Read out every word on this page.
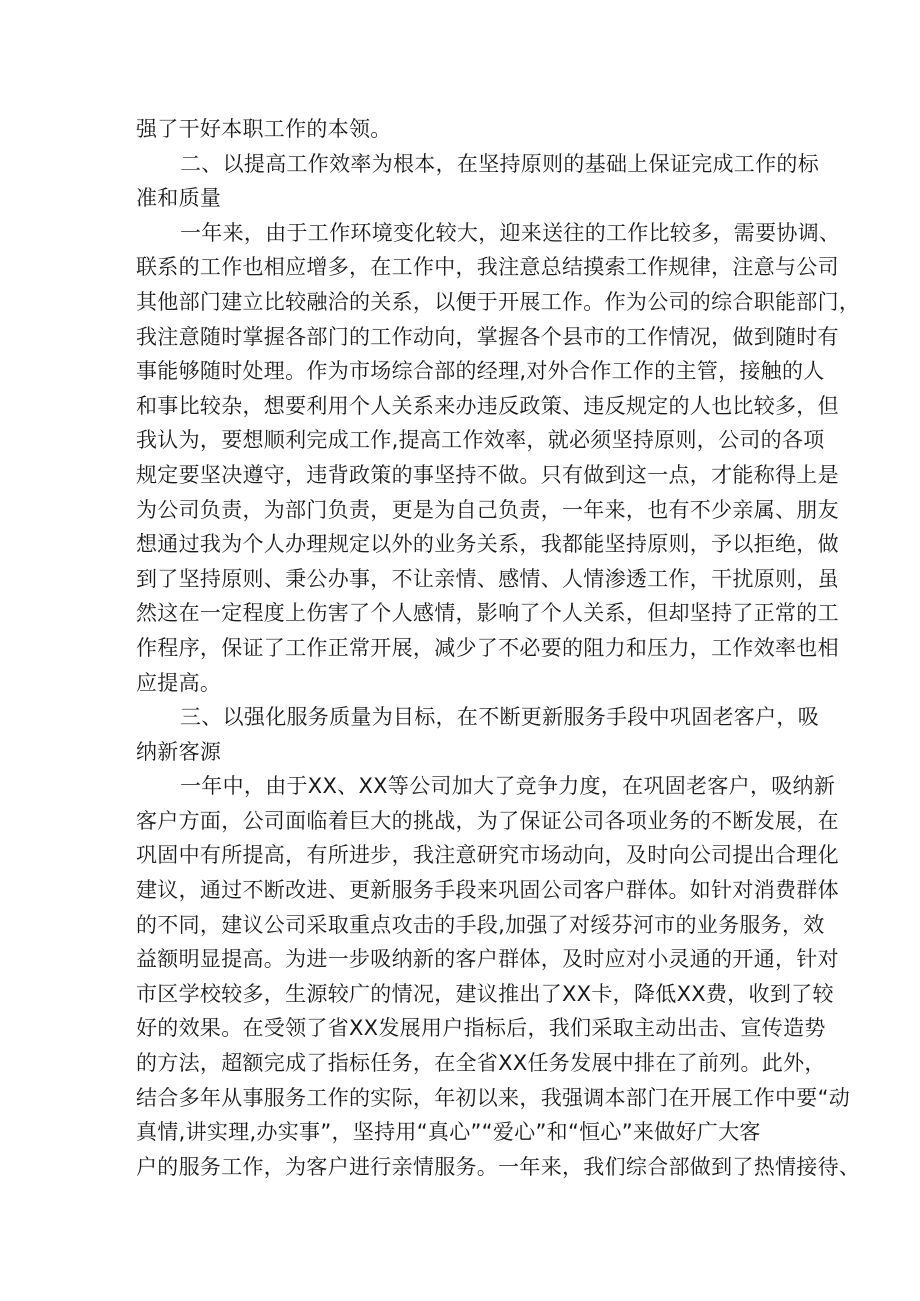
强了干好本职工作的本领。
二、以提高工作效率为根本，在坚持原则的基础上保证完成工作的标
准和质量
一年来，由于工作环境变化较大，迎来送往的工作比较多，需要协调、
联系的工作也相应增多，在工作中，我注意总结摸索工作规律，注意与公司
其他部门建立比较融洽的关系，以便于开展工作。作为公司的综合职能部门，
我注意随时掌握各部门的工作动向，掌握各个县市的工作情况，做到随时有
事能够随时处理。作为市场综合部的经理,对外合作工作的主管，接触的人
和事比较杂，想要利用个人关系来办违反政策、违反规定的人也比较多，但
我认为，要想顺利完成工作,提高工作效率，就必须坚持原则，公司的各项
规定要坚决遵守，违背政策的事坚持不做。只有做到这一点，才能称得上是
为公司负责，为部门负责，更是为自己负责，一年来，也有不少亲属、朋友
想通过我为个人办理规定以外的业务关系，我都能坚持原则，予以拒绝，做
到了坚持原则、秉公办事，不让亲情、感情、人情渗透工作，干扰原则，虽
然这在一定程度上伤害了个人感情，影响了个人关系，但却坚持了正常的工
作程序，保证了工作正常开展，减少了不必要的阻力和压力，工作效率也相
应提高。
三、以强化服务质量为目标，在不断更新服务手段中巩固老客户，吸
纳新客源
一年中，由于XX、XX等公司加大了竞争力度，在巩固老客户，吸纳新
客户方面，公司面临着巨大的挑战，为了保证公司各项业务的不断发展，在
巩固中有所提高，有所进步，我注意研究市场动向，及时向公司提出合理化
建议，通过不断改进、更新服务手段来巩固公司客户群体。如针对消费群体
的不同，建议公司采取重点攻击的手段,加强了对绥芬河市的业务服务，效
益额明显提高。为进一步吸纳新的客户群体，及时应对小灵通的开通，针对
市区学校较多，生源较广的情况，建议推出了XX卡，降低XX费，收到了较
好的效果。在受领了省XX发展用户指标后，我们采取主动出击、宣传造势
的方法，超额完成了指标任务，在全省XX任务发展中排在了前列。此外，
结合多年从事服务工作的实际，年初以来，我强调本部门在开展工作中要“动
真情,讲实理,办实事”，坚持用“真心”“爱心”和“恒心”来做好广大客
户的服务工作，为客户进行亲情服务。一年来，我们综合部做到了热情接待、
